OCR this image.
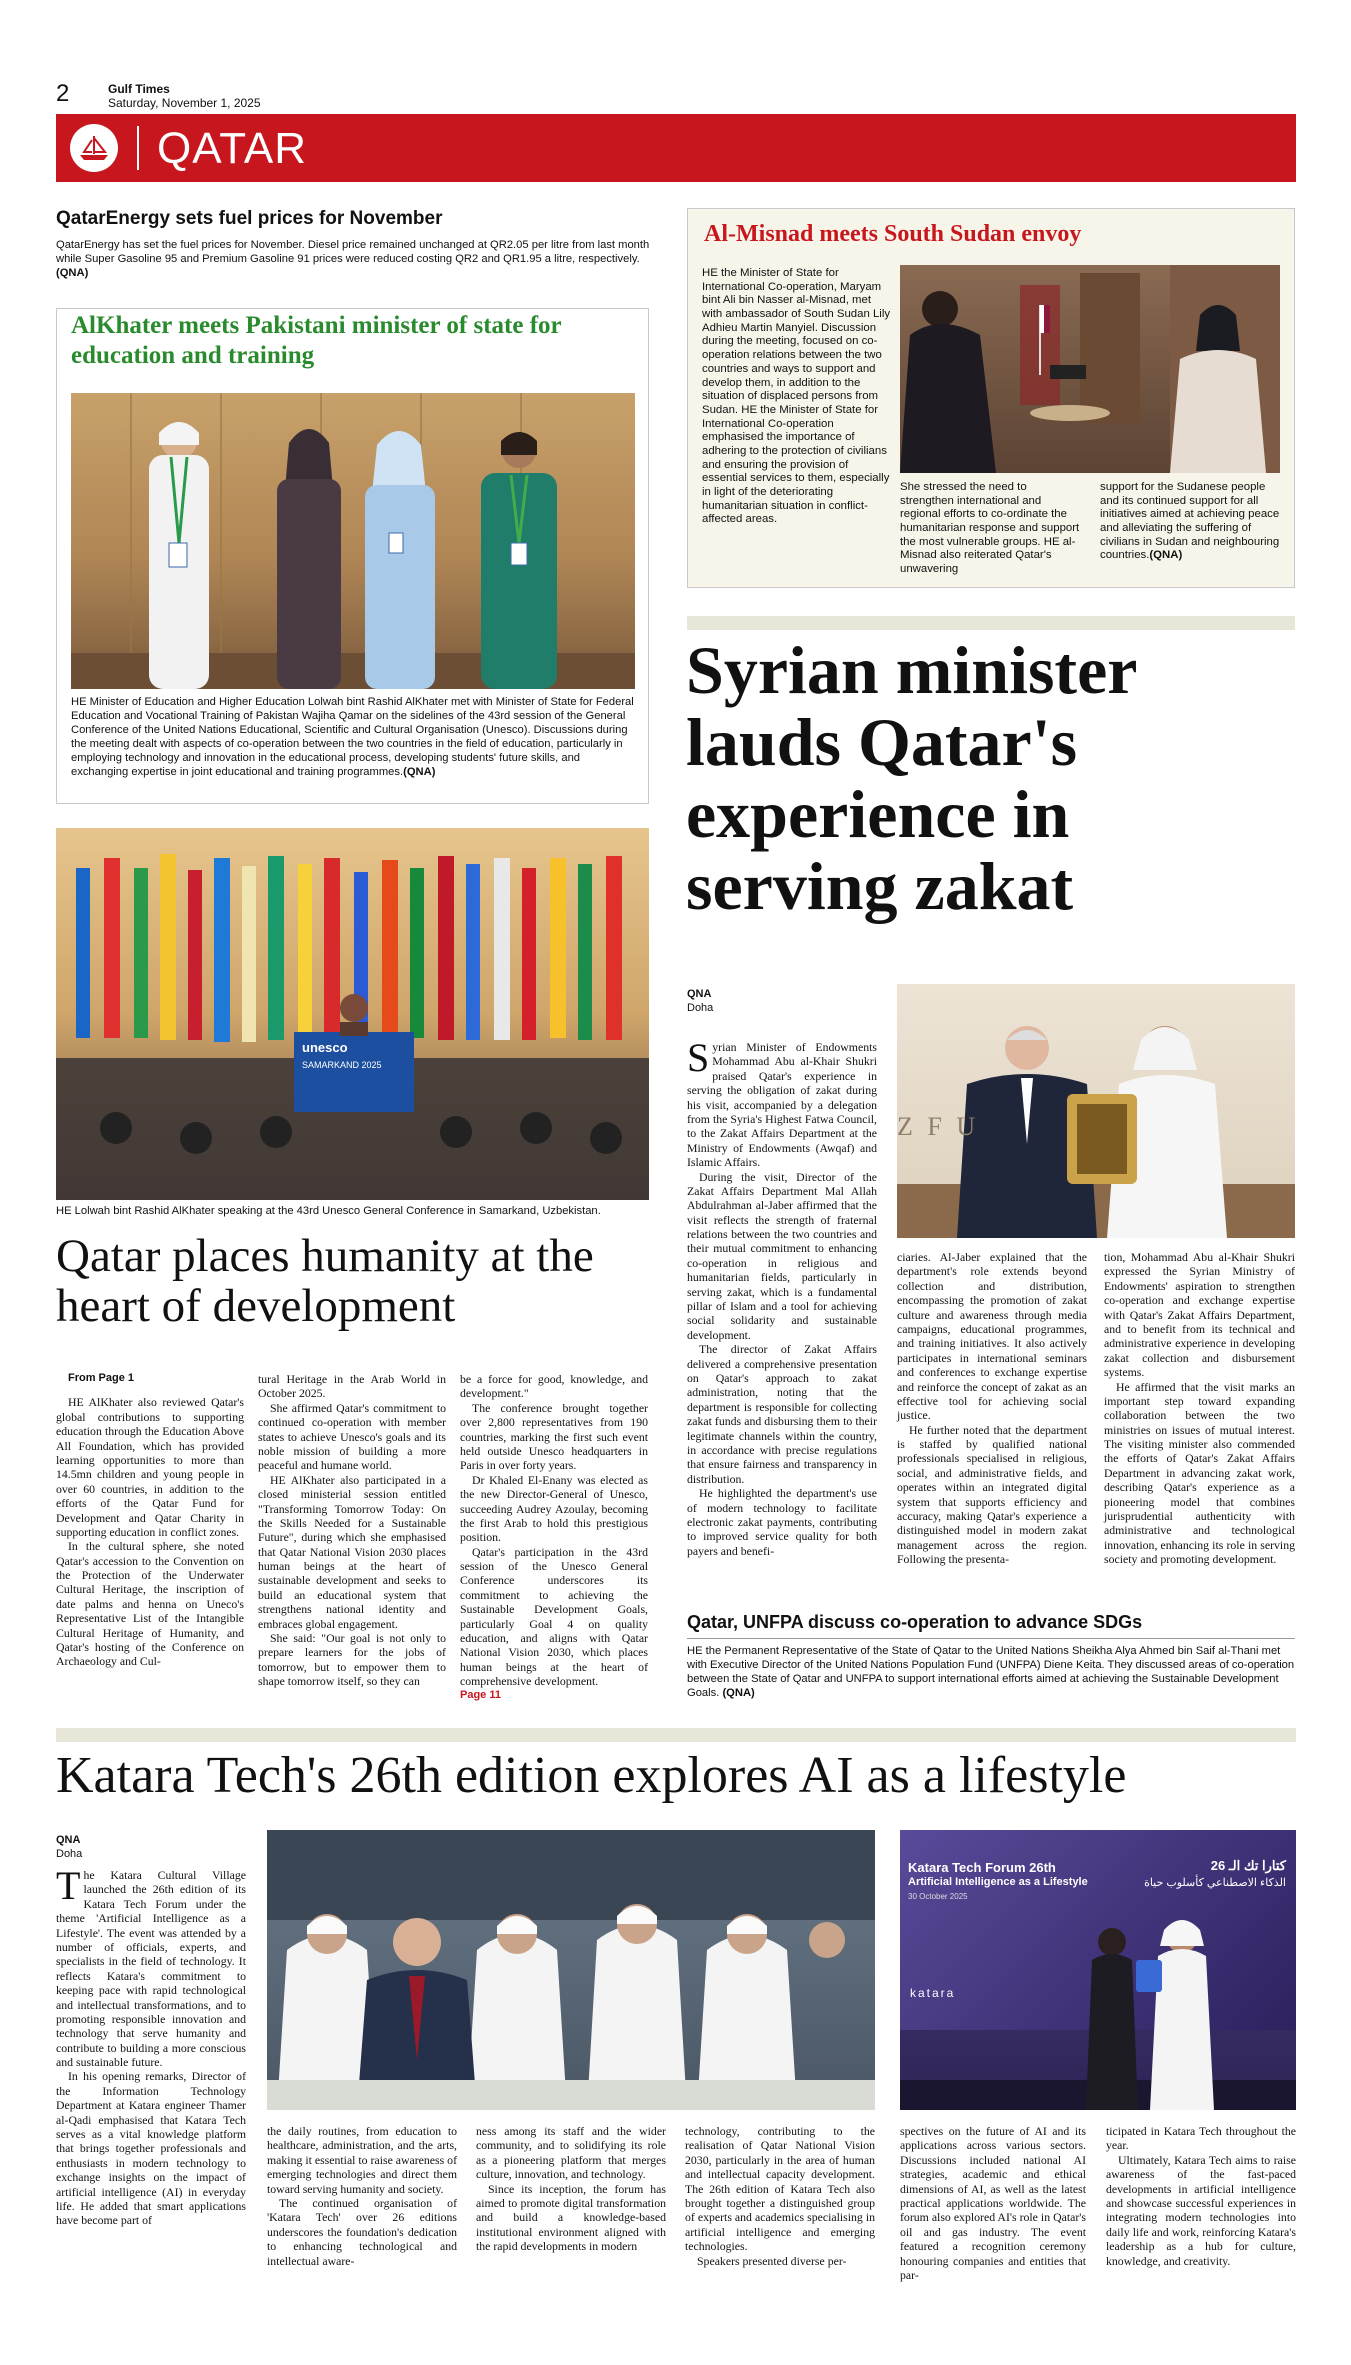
2	Gulf Times
Saturday, November 1, 2025
QATAR
QatarEnergy sets fuel prices for November
QatarEnergy has set the fuel prices for November. Diesel price remained unchanged at QR2.05 per litre from last month while Super Gasoline 95 and Premium Gasoline 91 prices were reduced costing QR2 and QR1.95 a litre, respectively. (QNA)
AlKhater meets Pakistani minister of state for education and training
HE Minister of Education and Higher Education Lolwah bint Rashid AlKhater met with Minister of State for Federal Education and Vocational Training of Pakistan Wajiha Qamar on the sidelines of the 43rd session of the General Conference of the United Nations Educational, Scientific and Cultural Organisation (Unesco). Discussions during the meeting dealt with aspects of co-operation between the two countries in the field of education, particularly in employing technology and innovation in the educational process, developing students' future skills, and exchanging expertise in joint educational and training programmes.(QNA)
Al-Misnad meets South Sudan envoy
HE the Minister of State for International Co-operation, Maryam bint Ali bin Nasser al-Misnad, met with ambassador of South Sudan Lily Adhieu Martin Manyiel. Discussion during the meeting, focused on co-operation relations between the two countries and ways to support and develop them, in addition to the situation of displaced persons from Sudan. HE the Minister of State for International Co-operation emphasised the importance of adhering to the protection of civilians and ensuring the provision of essential services to them, especially in light of the deteriorating humanitarian situation in conflict-affected areas.
She stressed the need to strengthen international and regional efforts to co-ordinate the humanitarian response and support the most vulnerable groups. HE al-Misnad also reiterated Qatar's unwavering
support for the Sudanese people and its continued support for all initiatives aimed at achieving peace and alleviating the suffering of civilians in Sudan and neighbouring countries.(QNA)
unesco
SAMARKAND 2025
HE Lolwah bint Rashid AlKhater speaking at the 43rd Unesco General Conference in Samarkand, Uzbekistan.
Qatar places humanity at the heart of development

From Page 1

HE AlKhater also reviewed Qatar's global contributions to supporting education through the Education Above All Foundation, which has provided learning opportunities to more than 14.5mn children and young people in over 60 countries, in addition to the efforts of the Qatar Fund for Development and Qatar Charity in supporting education in conflict zones.

In the cultural sphere, she noted Qatar's accession to the Convention on the Protection of the Underwater Cultural Heritage, the inscription of date palms and henna on Uneco's Representative List of the Intangible Cultural Heritage of Humanity, and Qatar's hosting of the Conference on Archaeology and Cul-

tural Heritage in the Arab World in October 2025.

She affirmed Qatar's commitment to continued co-operation with member states to achieve Unesco's goals and its noble mission of building a more peaceful and humane world.

HE AlKhater also participated in a closed ministerial session entitled "Transforming Tomorrow Today: On the Skills Needed for a Sustainable Future", during which she emphasised that Qatar National Vision 2030 places human beings at the heart of sustainable development and seeks to build an educational system that strengthens national identity and embraces global engagement.

She said: "Our goal is not only to prepare learners for the jobs of tomorrow, but to empower them to shape tomorrow itself, so they can

be a force for good, knowledge, and development."

The conference brought together over 2,800 representatives from 190 countries, marking the first such event held outside Unesco headquarters in Paris in over forty years.

Dr Khaled El-Enany was elected as the new Director-General of Unesco, succeeding Audrey Azoulay, becoming the first Arab to hold this prestigious position.

Qatar's participation in the 43rd session of the Unesco General Conference underscores its commitment to achieving the Sustainable Development Goals, particularly Goal 4 on quality education, and aligns with Qatar National Vision 2030, which places human beings at the heart of comprehensive development.

Page 11

Syrian minister lauds Qatar's experience in serving zakat
QNA
Doha
Z F U

Syrian Minister of Endowments Mohammad Abu al-Khair Shukri praised Qatar's experience in serving the obligation of zakat during his visit, accompanied by a delegation from the Syria's Highest Fatwa Council, to the Zakat Affairs Department at the Ministry of Endowments (Awqaf) and Islamic Affairs.

During the visit, Director of the Zakat Affairs Department Mal Allah Abdulrahman al-Jaber affirmed that the visit reflects the strength of fraternal relations between the two countries and their mutual commitment to enhancing co-operation in religious and humanitarian fields, particularly in serving zakat, which is a fundamental pillar of Islam and a tool for achieving social solidarity and sustainable development.

The director of Zakat Affairs delivered a comprehensive presentation on Qatar's approach to zakat administration, noting that the department is responsible for collecting zakat funds and disbursing them to their legitimate channels within the country, in accordance with precise regulations that ensure fairness and transparency in distribution.

He highlighted the department's use of modern technology to facilitate electronic zakat payments, contributing to improved service quality for both payers and benefi-

ciaries. Al-Jaber explained that the department's role extends beyond collection and distribution, encompassing the promotion of zakat culture and awareness through media campaigns, educational programmes, and training initiatives. It also actively participates in international seminars and conferences to exchange expertise and reinforce the concept of zakat as an effective tool for achieving social justice.

He further noted that the department is staffed by qualified national professionals specialised in religious, social, and administrative fields, and operates within an integrated digital system that supports efficiency and accuracy, making Qatar's experience a distinguished model in modern zakat management across the region. Following the presenta-

tion, Mohammad Abu al-Khair Shukri expressed the Syrian Ministry of Endowments' aspiration to strengthen co-operation and exchange expertise with Qatar's Zakat Affairs Department, and to benefit from its technical and administrative experience in developing zakat collection and disbursement systems.

He affirmed that the visit marks an important step toward expanding collaboration between the two ministries on issues of mutual interest. The visiting minister also commended the efforts of Qatar's Zakat Affairs Department in advancing zakat work, describing Qatar's experience as a pioneering model that combines jurisprudential authenticity with administrative and technological innovation, enhancing its role in serving society and promoting development.

Qatar, UNFPA discuss co-operation to advance SDGs
HE the Permanent Representative of the State of Qatar to the United Nations Sheikha Alya Ahmed bin Saif al-Thani met with Executive Director of the United Nations Population Fund (UNFPA) Diene Keita. They discussed areas of co-operation between the State of Qatar and UNFPA to support international efforts aimed at achieving the Sustainable Development Goals. (QNA)
Katara Tech's 26th edition explores AI as a lifestyle
QNA
Doha
Katara Tech Forum 26th
Artificial Intelligence as a Lifestyle
30 October 2025
كتارا تك الـ 26
الذكاء الاصطناعي كأسلوب حياة
katara

The Katara Cultural Village launched the 26th edition of its Katara Tech Forum under the theme 'Artificial Intelligence as a Lifestyle'. The event was attended by a number of officials, experts, and specialists in the field of technology. It reflects Katara's commitment to keeping pace with rapid technological and intellectual transformations, and to promoting responsible innovation and technology that serve humanity and contribute to building a more conscious and sustainable future.

In his opening remarks, Director of the Information Technology Department at Katara engineer Thamer al-Qadi emphasised that Katara Tech serves as a vital knowledge platform that brings together professionals and enthusiasts in modern technology to exchange insights on the impact of artificial intelligence (AI) in everyday life. He added that smart applications have become part of

the daily routines, from education to healthcare, administration, and the arts, making it essential to raise awareness of emerging technologies and direct them toward serving humanity and society.

The continued organisation of 'Katara Tech' over 26 editions underscores the foundation's dedication to enhancing technological and intellectual aware-

ness among its staff and the wider community, and to solidifying its role as a pioneering platform that merges culture, innovation, and technology.

Since its inception, the forum has aimed to promote digital transformation and build a knowledge-based institutional environment aligned with the rapid developments in modern

technology, contributing to the realisation of Qatar National Vision 2030, particularly in the area of human and intellectual capacity development. The 26th edition of Katara Tech also brought together a distinguished group of experts and academics specialising in artificial intelligence and emerging technologies.

Speakers presented diverse per-

spectives on the future of AI and its applications across various sectors. Discussions included national AI strategies, academic and ethical dimensions of AI, as well as the latest practical applications worldwide. The forum also explored AI's role in Qatar's oil and gas industry. The event featured a recognition ceremony honouring companies and entities that par-

ticipated in Katara Tech throughout the year.

Ultimately, Katara Tech aims to raise awareness of the fast-paced developments in artificial intelligence and showcase successful experiences in integrating modern technologies into daily life and work, reinforcing Katara's leadership as a hub for culture, knowledge, and creativity.
